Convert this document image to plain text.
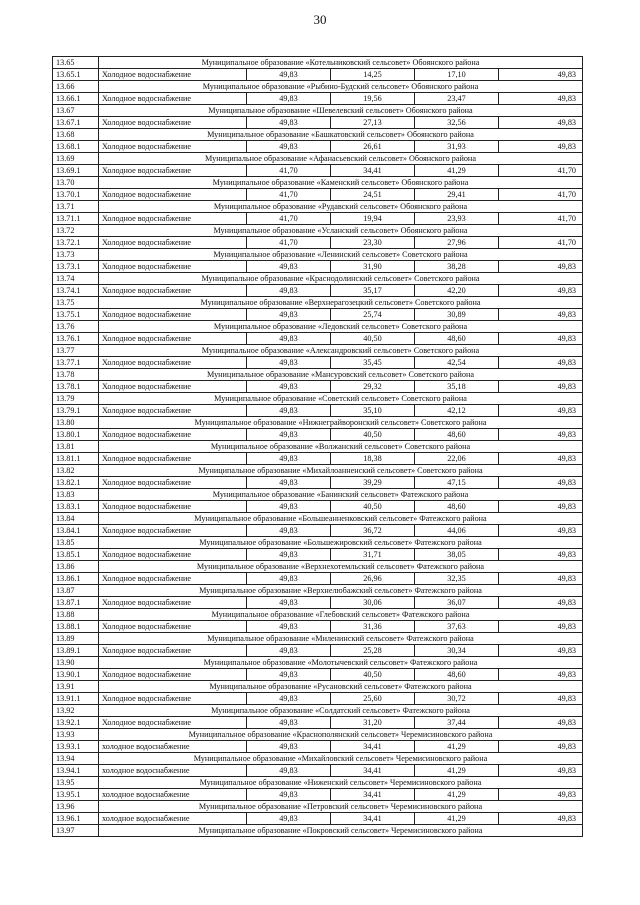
30
13.65	Муниципальное образование «Котельниковский сельсовет» Обоянского района				
13.65.1	Холодное водоснабжение	49,83	14,25	17,10	49,83
13.66	Муниципальное образование «Рыбино-Будский сельсовет» Обоянского района				
13.66.1	Холодное водоснабжение	49,83	19,56	23,47	49,83
13.67	Муниципальное образование «Шевелевский сельсовет» Обоянского района				
13.67.1	Холодное водоснабжение	49,83	27,13	32,56	49,83
13.68	Муниципальное образование «Башкатовский сельсовет» Обоянского района				
13.68.1	Холодное водоснабжение	49,83	26,61	31,93	49,83
13.69	Муниципальное образование «Афанасьевский сельсовет» Обоянского района				
13.69.1	Холодное водоснабжение	41,70	34,41	41,29	41,70
13.70	Муниципальное образование «Каменский сельсовет» Обоянского района				
13.70.1	Холодное водоснабжение	41,70	24,51	29,41	41,70
13.71	Муниципальное образование «Рудавский сельсовет» Обоянского района				
13.71.1	Холодное водоснабжение	41,70	19,94	23,93	41,70
13.72	Муниципальное образование «Усланский сельсовет» Обоянского района				
13.72.1	Холодное водоснабжение	41,70	23,30	27,96	41,70
13.73	Муниципальное образование «Ленинский сельсовет» Советского района				
13.73.1	Холодное водоснабжение	49,83	31,90	38,28	49,83
13.74	Муниципальное образование «Краснодолинский сельсовет» Советского района				
13.74.1	Холодное водоснабжение	49,83	35,17	42,20	49,83
13.75	Муниципальное образование «Верхнерагозецкий сельсовет» Советского района				
13.75.1	Холодное водоснабжение	49,83	25,74	30,89	49,83
13.76	Муниципальное образование «Ледовский сельсовет» Советского района				
13.76.1	Холодное водоснабжение	49,83	40,50	48,60	49,83
13.77	Муниципальное образование «Александровский сельсовет» Советского района				
13.77.1	Холодное водоснабжение	49,83	35,45	42,54	49,83
13.78	Муниципальное образование «Мансуровский сельсовет» Советского района				
13.78.1	Холодное водоснабжение	49,83	29,32	35,18	49,83
13.79	Муниципальное образование «Советский сельсовет» Советского района				
13.79.1	Холодное водоснабжение	49,83	35,10	42,12	49,83
13.80	Муниципальное образование «Нижнеграйворонский сельсовет» Советского района				
13.80.1	Холодное водоснабжение	49,83	40,50	48,60	49,83
13.81	Муниципальное образование «Волжанский сельсовет» Советского района				
13.81.1	Холодное водоснабжение	49,83	18,38	22,06	49,83
13.82	Муниципальное образование «Михайлоанненский сельсовет» Советского района				
13.82.1	Холодное водоснабжение	49,83	39,29	47,15	49,83
13.83	Муниципальное образование «Банинский сельсовет» Фатежского района				
13.83.1	Холодное водоснабжение	49,83	40,50	48,60	49,83
13.84	Муниципальное образование «Большеанненковский сельсовет» Фатежского района				
13.84.1	Холодное водоснабжение	49,83	36,72	44,06	49,83
13.85	Муниципальное образование «Большежировский сельсовет» Фатежского района				
13.85.1	Холодное водоснабжение	49,83	31,71	38,05	49,83
13.86	Муниципальное образование «Верхнехотемльский сельсовет» Фатежского района				
13.86.1	Холодное водоснабжение	49,83	26,96	32,35	49,83
13.87	Муниципальное образование «Верхнелюбажский сельсовет» Фатежского района				
13.87.1	Холодное водоснабжение	49,83	30,06	36,07	49,83
13.88	Муниципальное образование «Глебовский сельсовет» Фатежского района				
13.88.1	Холодное водоснабжение	49,83	31,36	37,63	49,83
13.89	Муниципальное образование «Миленинский сельсовет» Фатежского района				
13.89.1	Холодное водоснабжение	49,83	25,28	30,34	49,83
13.90	Муниципальное образование «Молотычевский сельсовет» Фатежского района				
13.90.1	Холодное водоснабжение	49,83	40,50	48,60	49,83
13.91	Муниципальное образование «Русановский сельсовет» Фатежского района				
13.91.1	Холодное водоснабжение	49,83	25,60	30,72	49,83
13.92	Муниципальное образование «Солдатский сельсовет» Фатежского района				
13.92.1	Холодное водоснабжение	49,83	31,20	37,44	49,83
13.93	Муниципальное образование «Краснополянский сельсовет» Черемисиновского района				
13.93.1	холодное водоснабжение	49,83	34,41	41,29	49,83
13.94	Муниципальное образование «Михайловский сельсовет» Черемисиновского района				
13.94.1	холодное водоснабжение	49,83	34,41	41,29	49,83
13.95	Муниципальное образование «Ниженский сельсовет» Черемисиновского района				
13.95.1	холодное водоснабжение	49,83	34,41	41,29	49,83
13.96	Муниципальное образование «Петровский сельсовет» Черемисиновского района				
13.96.1	холодное водоснабжение	49,83	34,41	41,29	49,83
13.97	Муниципальное образование «Покровский сельсовет» Черемисиновского района				
